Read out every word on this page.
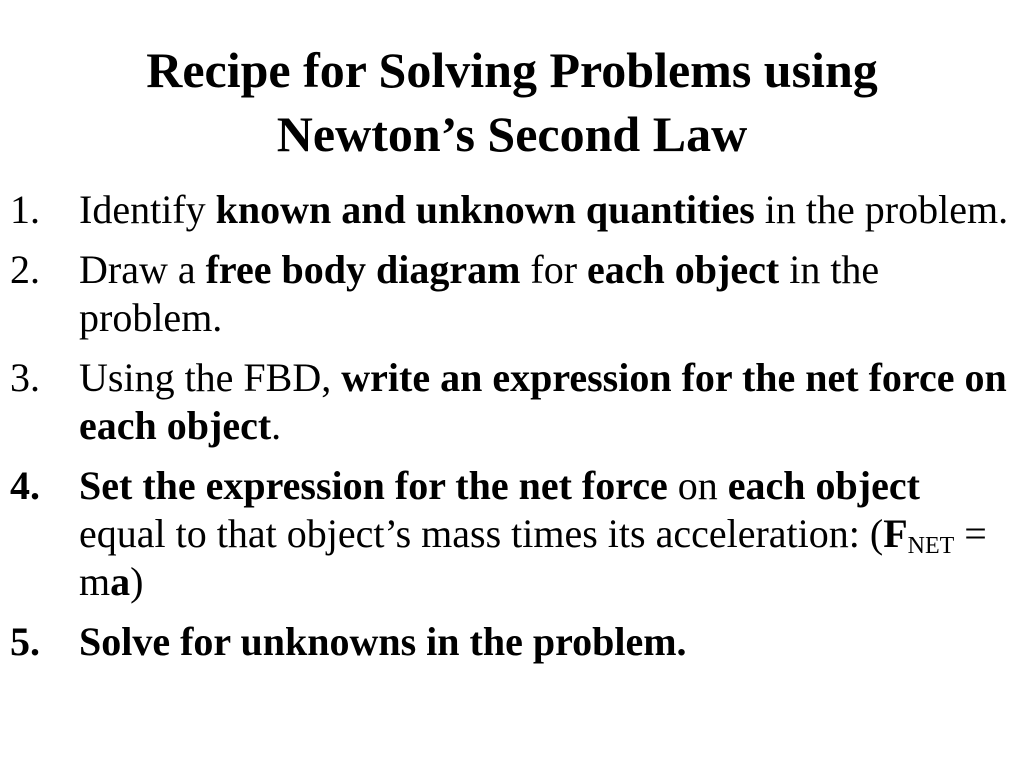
Recipe for Solving Problems using
Newton’s Second Law
1. Identify known and unknown quantities in the problem.
2. Draw a free body diagram for each object in the problem.
3. Using the FBD, write an expression for the net force on each object.
4. Set the expression for the net force on each object equal to that object’s mass times its acceleration: $(F_{NET} = ma)$
5. Solve for unknowns in the problem.
